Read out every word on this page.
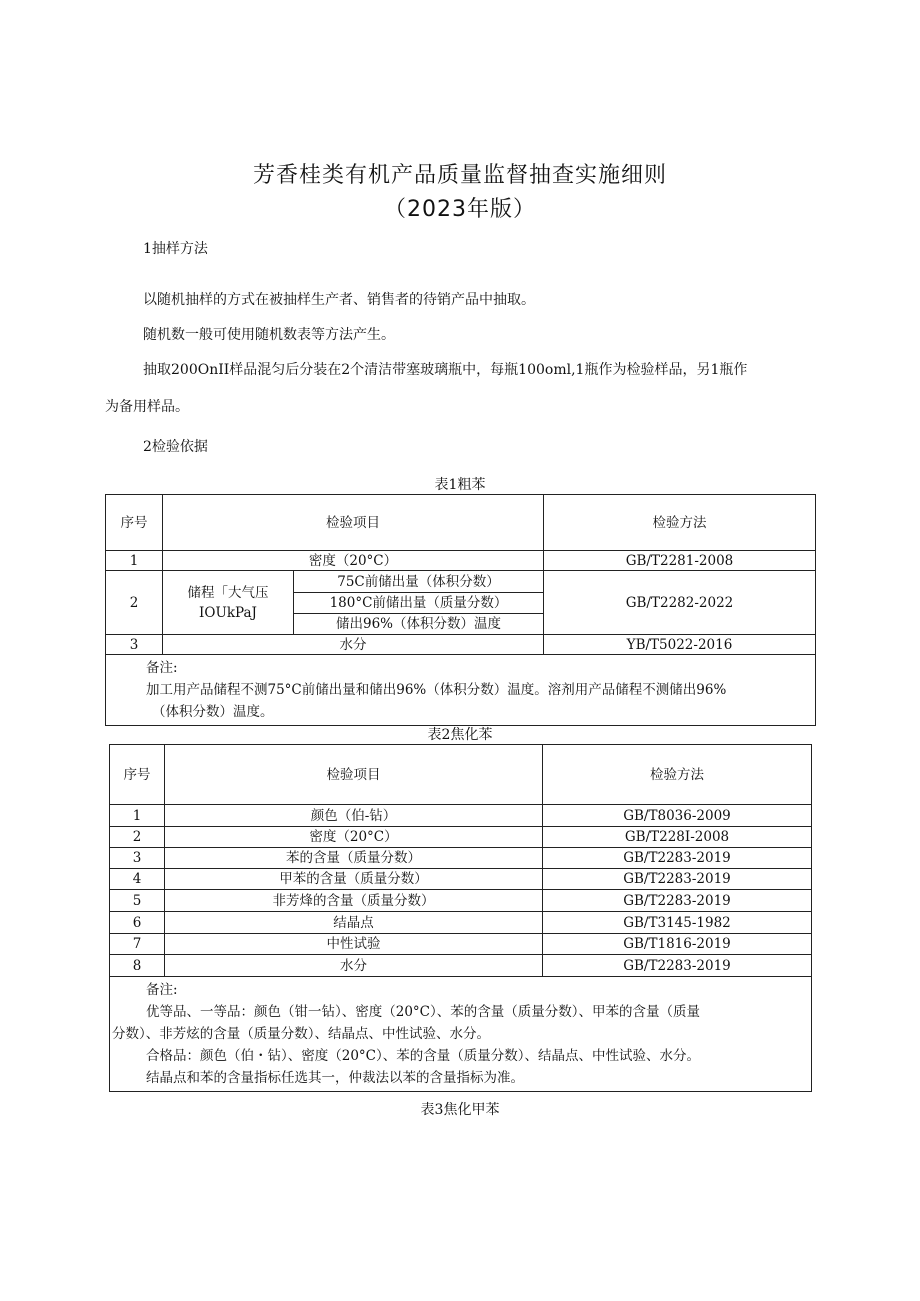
芳香桂类有机产品质量监督抽查实施细则
（2023年版）
1抽样方法
以随机抽样的方式在被抽样生产者、销售者的待销产品中抽取。
随机数一般可使用随机数表等方法产生。
抽取200OnII样品混匀后分装在2个清洁带塞玻璃瓶中，每瓶100oml,1瓶作为检验样品，另1瓶作
为备用样品。
2检验依据
表1粗苯
序号	检验项目		检验方法
1	密度（20°C）		GB/T2281-2008
2	储程「大气压IOUkPaJ	75C前储出量（体积分数）	GB/T2282-2022
		180°C前储出量（质量分数）	
		储出96%（体积分数）温度	
3	水分		YB/T5022-2016

备注:
加工用产品储程不测75°C前储出量和储出96%（体积分数）温度。溶剂用产品储程不测储出96%
（体积分数）温度。			
表2焦化苯
序号	检验项目	检验方法
1	颜色（伯-钻）	GB/T8036-2009
2	密度（20°C）	GB/T228I-2008
3	苯的含量（质量分数）	GB/T2283-2019
4	甲苯的含量（质量分数）	GB/T2283-2019
5	非芳烽的含量（质量分数）	GB/T2283-2019
6	结晶点	GB/T3145-1982
7	中性试验	GB/T1816-2019
8	水分	GB/T2283-2019

备注:
优等品、一等品：颜色（钳一钻）、密度（20°C）、苯的含量（质量分数）、甲苯的含量（质量
分数）、非芳炫的含量（质量分数）、结晶点、中性试验、水分。
合格品：颜色（伯・钻）、密度（20°C）、苯的含量（质量分数）、结晶点、中性试验、水分。
结晶点和苯的含量指标任选其一，仲裁法以苯的含量指标为准。		
表3焦化甲苯
